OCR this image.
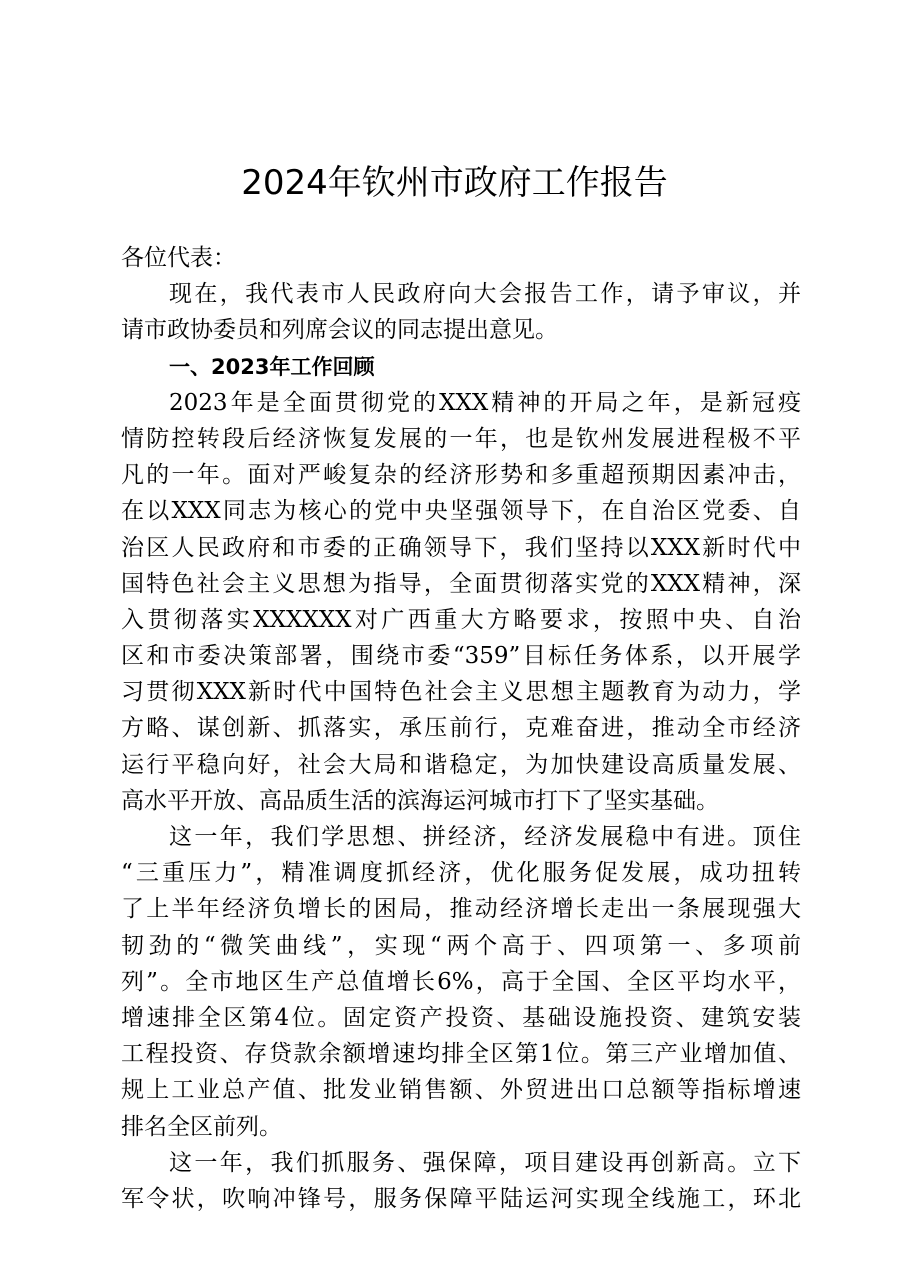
2024年钦州市政府工作报告
各位代表：
现在，我代表市人民政府向大会报告工作，请予审议，并
请市政协委员和列席会议的同志提出意见。
一、2023年工作回顾
2023年是全面贯彻党的XXX精神的开局之年，是新冠疫
情防控转段后经济恢复发展的一年，也是钦州发展进程极不平
凡的一年。面对严峻复杂的经济形势和多重超预期因素冲击，
在以XXX同志为核心的党中央坚强领导下，在自治区党委、自
治区人民政府和市委的正确领导下，我们坚持以XXX新时代中
国特色社会主义思想为指导，全面贯彻落实党的XXX精神，深
入贯彻落实XXXXXX对广西重大方略要求，按照中央、自治
区和市委决策部署，围绕市委“359”目标任务体系，以开展学
习贯彻XXX新时代中国特色社会主义思想主题教育为动力，学
方略、谋创新、抓落实，承压前行，克难奋进，推动全市经济
运行平稳向好，社会大局和谐稳定，为加快建设高质量发展、
高水平开放、高品质生活的滨海运河城市打下了坚实基础。
这一年，我们学思想、拼经济，经济发展稳中有进。顶住
“三重压力”，精准调度抓经济，优化服务促发展，成功扭转
了上半年经济负增长的困局，推动经济增长走出一条展现强大
韧劲的“微笑曲线”，实现“两个高于、四项第一、多项前
列”。全市地区生产总值增长6%，高于全国、全区平均水平，
增速排全区第4位。固定资产投资、基础设施投资、建筑安装
工程投资、存贷款余额增速均排全区第1位。第三产业增加值、
规上工业总产值、批发业销售额、外贸进出口总额等指标增速
排名全区前列。
这一年，我们抓服务、强保障，项目建设再创新高。立下
军令状，吹响冲锋号，服务保障平陆运河实现全线施工，环北
